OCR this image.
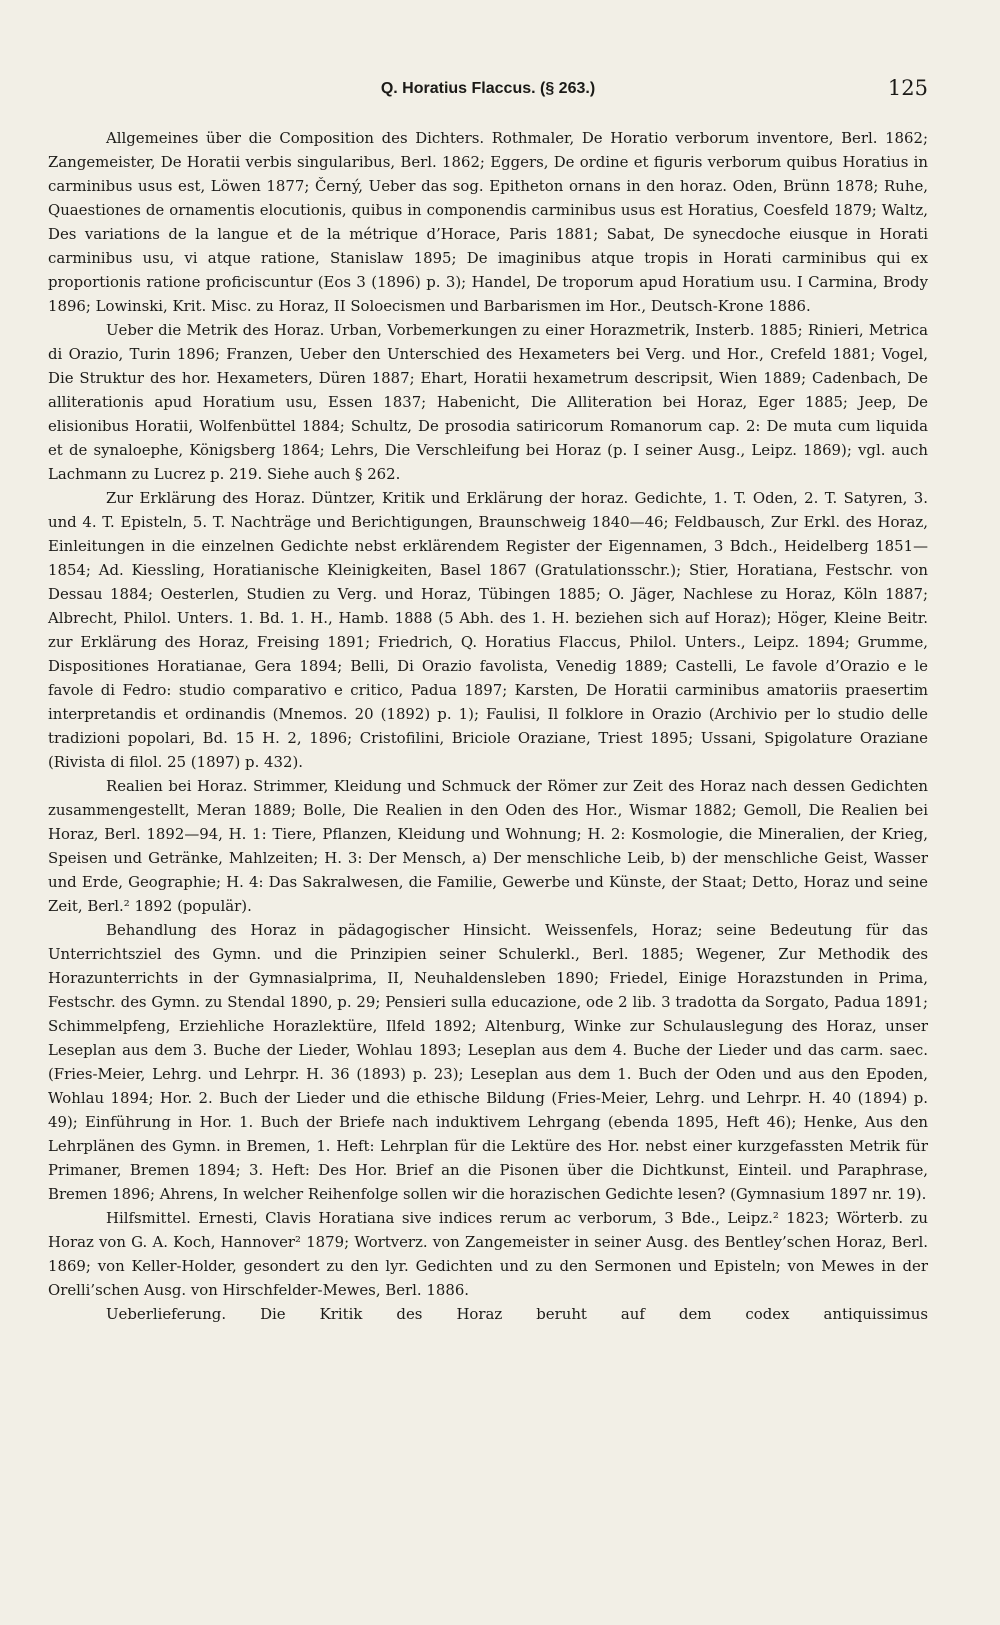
Q. Horatius Flaccus. (§ 263.)	125

Allgemeines über die Composition des Dichters. Rothmaler, De Horatio verborum inventore, Berl. 1862; Zangemeister, De Horatii verbis singularibus, Berl. 1862; Eggers, De ordine et figuris verborum quibus Horatius in carminibus usus est, Löwen 1877; Černý, Ueber das sog. Epitheton ornans in den horaz. Oden, Brünn 1878; Ruhe, Quaestiones de ornamentis elocutionis, quibus in componendis carminibus usus est Horatius, Coesfeld 1879; Waltz, Des variations de la langue et de la métrique d’Horace, Paris 1881; Sabat, De synecdoche eiusque in Horati carminibus usu, vi atque ratione, Stanislaw 1895; De imaginibus atque tropis in Horati carminibus qui ex proportionis ratione proficiscuntur (Eos 3 (1896) p. 3); Handel, De troporum apud Horatium usu. I Carmina, Brody 1896; Lowinski, Krit. Misc. zu Horaz, II Soloecismen und Barbarismen im Hor., Deutsch-Krone 1886.

Ueber die Metrik des Horaz. Urban, Vorbemerkungen zu einer Horazmetrik, Insterb. 1885; Rinieri, Metrica di Orazio, Turin 1896; Franzen, Ueber den Unterschied des Hexameters bei Verg. und Hor., Crefeld 1881; Vogel, Die Struktur des hor. Hexameters, Düren 1887; Ehart, Horatii hexametrum descripsit, Wien 1889; Cadenbach, De alliterationis apud Horatium usu, Essen 1837; Habenicht, Die Alliteration bei Horaz, Eger 1885; Jeep, De elisionibus Horatii, Wolfenbüttel 1884; Schultz, De prosodia satiricorum Romanorum cap. 2: De muta cum liquida et de synaloephe, Königsberg 1864; Lehrs, Die Verschleifung bei Horaz (p. I seiner Ausg., Leipz. 1869); vgl. auch Lachmann zu Lucrez p. 219. Siehe auch § 262.

Zur Erklärung des Horaz. Düntzer, Kritik und Erklärung der horaz. Gedichte, 1. T. Oden, 2. T. Satyren, 3. und 4. T. Episteln, 5. T. Nachträge und Berichtigungen, Braunschweig 1840—46; Feldbausch, Zur Erkl. des Horaz, Einleitungen in die einzelnen Gedichte nebst erklärendem Register der Eigennamen, 3 Bdch., Heidelberg 1851—1854; Ad. Kiessling, Horatianische Kleinigkeiten, Basel 1867 (Gratulationsschr.); Stier, Horatiana, Festschr. von Dessau 1884; Oesterlen, Studien zu Verg. und Horaz, Tübingen 1885; O. Jäger, Nachlese zu Horaz, Köln 1887; Albrecht, Philol. Unters. 1. Bd. 1. H., Hamb. 1888 (5 Abh. des 1. H. beziehen sich auf Horaz); Höger, Kleine Beitr. zur Erklärung des Horaz, Freising 1891; Friedrich, Q. Horatius Flaccus, Philol. Unters., Leipz. 1894; Grumme, Dispositiones Horatianae, Gera 1894; Belli, Di Orazio favolista, Venedig 1889; Castelli, Le favole d’Orazio e le favole di Fedro: studio comparativo e critico, Padua 1897; Karsten, De Horatii carminibus amatoriis praesertim interpretandis et ordinandis (Mnemos. 20 (1892) p. 1); Faulisi, Il folklore in Orazio (Archivio per lo studio delle tradizioni popolari, Bd. 15 H. 2, 1896; Cristofilini, Briciole Oraziane, Triest 1895; Ussani, Spigolature Oraziane (Rivista di filol. 25 (1897) p. 432).

Realien bei Horaz. Strimmer, Kleidung und Schmuck der Römer zur Zeit des Horaz nach dessen Gedichten zusammengestellt, Meran 1889; Bolle, Die Realien in den Oden des Hor., Wismar 1882; Gemoll, Die Realien bei Horaz, Berl. 1892—94, H. 1: Tiere, Pflanzen, Kleidung und Wohnung; H. 2: Kosmologie, die Mineralien, der Krieg, Speisen und Getränke, Mahlzeiten; H. 3: Der Mensch, a) Der menschliche Leib, b) der menschliche Geist, Wasser und Erde, Geographie; H. 4: Das Sakralwesen, die Familie, Gewerbe und Künste, der Staat; Detto, Horaz und seine Zeit, Berl.² 1892 (populär).

Behandlung des Horaz in pädagogischer Hinsicht. Weissenfels, Horaz; seine Bedeutung für das Unterrichtsziel des Gymn. und die Prinzipien seiner Schulerkl., Berl. 1885; Wegener, Zur Methodik des Horazunterrichts in der Gymnasialprima, II, Neuhaldensleben 1890; Friedel, Einige Horazstunden in Prima, Festschr. des Gymn. zu Stendal 1890, p. 29; Pensieri sulla educazione, ode 2 lib. 3 tradotta da Sorgato, Padua 1891; Schimmelpfeng, Erziehliche Horazlektüre, Ilfeld 1892; Altenburg, Winke zur Schulauslegung des Horaz, unser Leseplan aus dem 3. Buche der Lieder, Wohlau 1893; Leseplan aus dem 4. Buche der Lieder und das carm. saec. (Fries-Meier, Lehrg. und Lehrpr. H. 36 (1893) p. 23); Leseplan aus dem 1. Buch der Oden und aus den Epoden, Wohlau 1894; Hor. 2. Buch der Lieder und die ethische Bildung (Fries-Meier, Lehrg. und Lehrpr. H. 40 (1894) p. 49); Einführung in Hor. 1. Buch der Briefe nach induktivem Lehrgang (ebenda 1895, Heft 46); Henke, Aus den Lehrplänen des Gymn. in Bremen, 1. Heft: Lehrplan für die Lektüre des Hor. nebst einer kurzgefassten Metrik für Primaner, Bremen 1894; 3. Heft: Des Hor. Brief an die Pisonen über die Dichtkunst, Einteil. und Paraphrase, Bremen 1896; Ahrens, In welcher Reihenfolge sollen wir die horazischen Gedichte lesen? (Gymnasium 1897 nr. 19).

Hilfsmittel. Ernesti, Clavis Horatiana sive indices rerum ac verborum, 3 Bde., Leipz.² 1823; Wörterb. zu Horaz von G. A. Koch, Hannover² 1879; Wortverz. von Zangemeister in seiner Ausg. des Bentley’schen Horaz, Berl. 1869; von Keller-Holder, gesondert zu den lyr. Gedichten und zu den Sermonen und Episteln; von Mewes in der Orelli’schen Ausg. von Hirschfelder-Mewes, Berl. 1886.

Ueberlieferung. Die Kritik des Horaz beruht auf dem codex antiquissimus
